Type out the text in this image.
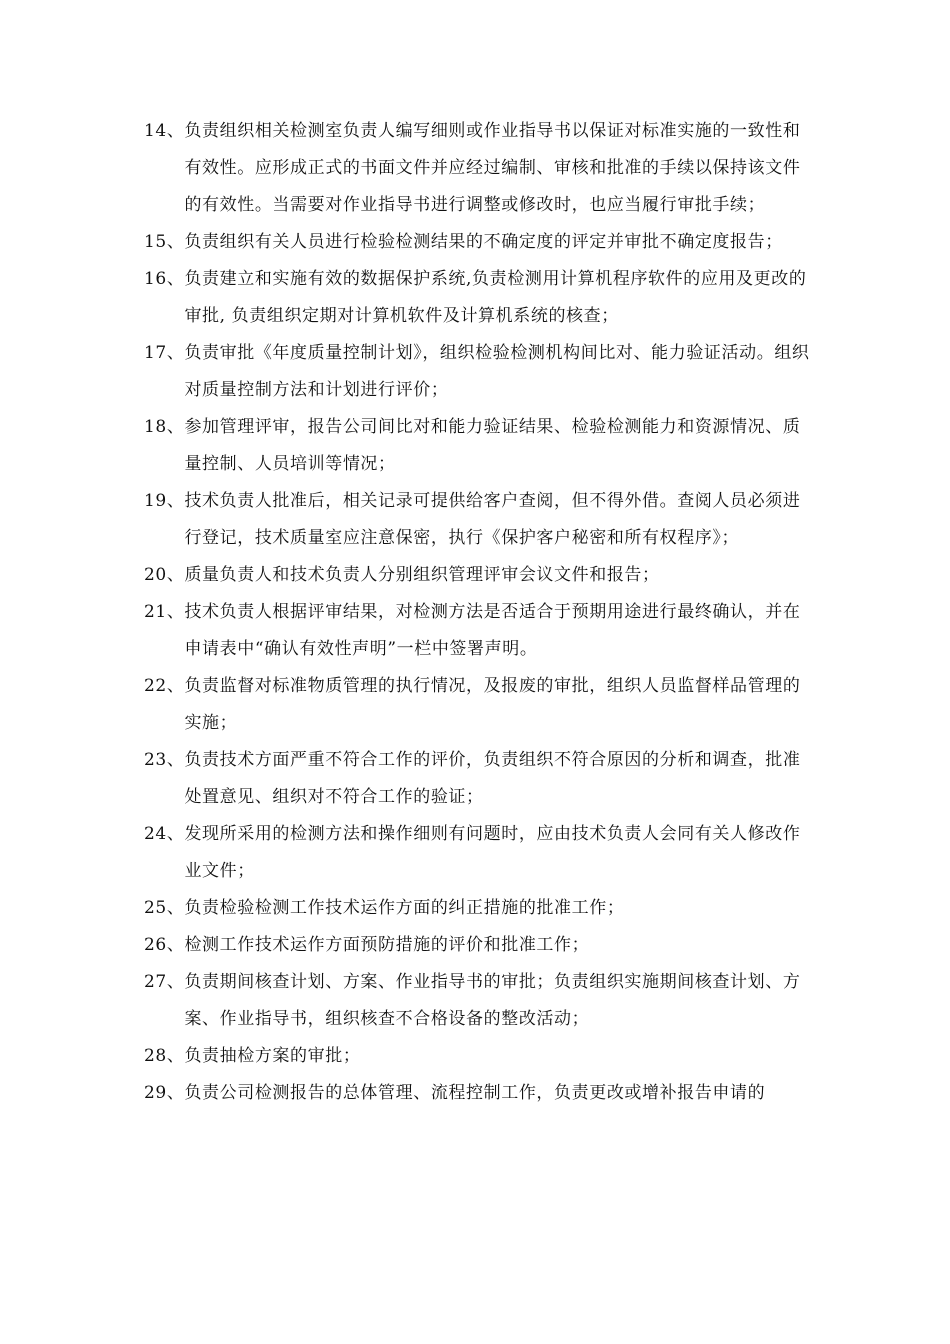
14、 负责组织相关检测室负责人编写细则或作业指导书以保证对标准实施的一致性和有效性。应形成正式的书面文件并应经过编制、审核和批准的手续以保持该文件的有效性。当需要对作业指导书进行调整或修改时，也应当履行审批手续；
15、 负责组织有关人员进行检验检测结果的不确定度的评定并审批不确定度报告；
16、 负责建立和实施有效的数据保护系统,负责检测用计算机程序软件的应用及更改的审批, 负责组织定期对计算机软件及计算机系统的核查；
17、 负责审批《年度质量控制计划》，组织检验检测机构间比对、能力验证活动。组织对质量控制方法和计划进行评价；
18、 参加管理评审，报告公司间比对和能力验证结果、检验检测能力和资源情况、质量控制、人员培训等情况；
19、 技术负责人批准后，相关记录可提供给客户查阅，但不得外借。查阅人员必须进行登记，技术质量室应注意保密，执行《保护客户秘密和所有权程序》；
20、 质量负责人和技术负责人分别组织管理评审会议文件和报告；
21、 技术负责人根据评审结果，对检测方法是否适合于预期用途进行最终确认，并在申请表中“确认有效性声明”一栏中签署声明。
22、 负责监督对标准物质管理的执行情况，及报废的审批，组织人员监督样品管理的实施；
23、 负责技术方面严重不符合工作的评价，负责组织不符合原因的分析和调查，批准处置意见、组织对不符合工作的验证；
24、 发现所采用的检测方法和操作细则有问题时，应由技术负责人会同有关人修改作业文件；
25、 负责检验检测工作技术运作方面的纠正措施的批准工作；
26、 检测工作技术运作方面预防措施的评价和批准工作；
27、 负责期间核查计划、方案、作业指导书的审批；负责组织实施期间核查计划、方案、作业指导书，组织核查不合格设备的整改活动；
28、 负责抽检方案的审批；
29、 负责公司检测报告的总体管理、流程控制工作，负责更改或增补报告申请的
